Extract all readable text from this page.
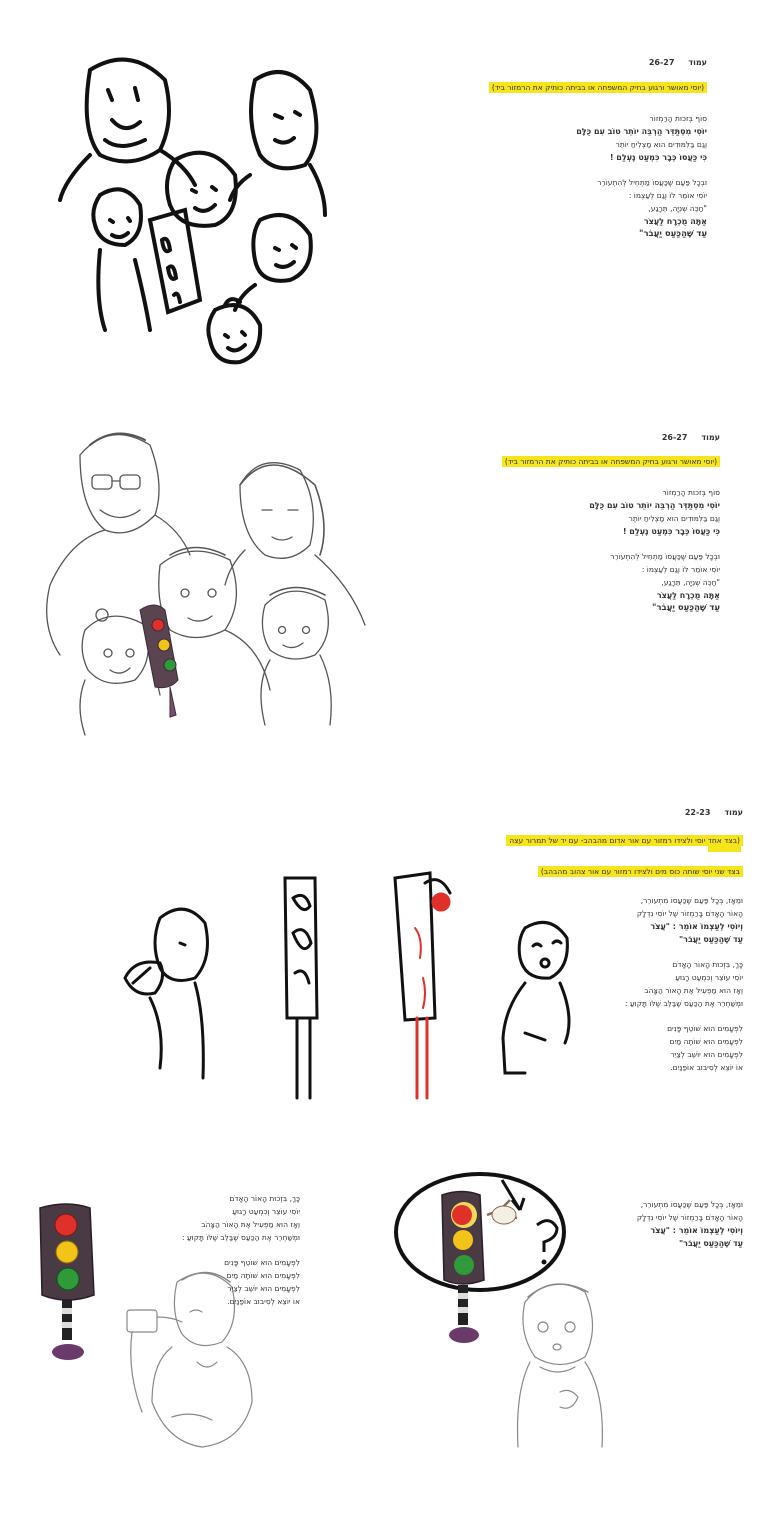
עמוד
26-27
(יוסי מאושר ורגוע בחיק המשפחה או בביתה כותיק את הרמזור ביד)
סוֹף בְּזכוּת הָרַמְזוֹר
יוֹסִי מִסְתַּדֵּר הַרְבֵּה יוֹתֵר טוֹב עִם כֻּלָּם
וְגַם בַּלִּמּוּדִים הוּא מַצְלִיחַ יוֹתֵר
כִּי כַּעֲסוֹ כְּבָר כִּמְעַט נֶעְלַם !
וּבְכָל פַּעַם שֶׁכַּעֲסוֹ מַתְחִיל לְהִתְעוֹרֵר
יוֹסִי אוֹמֵר לוֹ וְגַם לְעַצְמוֹ :
"חַכֵּה שְׁנִיָּה, תֵּרָגַע,
אַתָּה מֻכְרָח לַעֲצֹר
עַד שֶׁהַכַּעַס יַעֲבֹר"
עמוד
26-27
(יוסי מאושר ורגוע בחיק המשפחה או בביתה כותיק את הרמזור ביד)
סוֹף בְּזכוּת הָרַמְזוֹר
יוֹסִי מִסְתַּדֵּר הַרְבֵּה יוֹתֵר טוֹב עִם כֻּלָּם
וְגַם בַּלִּמּוּדִים הוּא מַצְלִיחַ יוֹתֵר
כִּי כַּעֲסוֹ כְּבָר כִּמְעַט נֶעְלַם !
וּבְכָל פַּעַם שֶׁכַּעֲסוֹ מַתְחִיל לְהִתְעוֹרֵר
יוֹסִי אוֹמֵר לוֹ וְגַם לְעַצְמוֹ :
"חַכֵּה שְׁנִיָּה, תֵּרָגַע,
אַתָּה מֻכְרָח לַעֲצֹר
עַד שֶׁהַכַּעַס יַעֲבֹר"
עמוד
22-23
(בצד אחד יוסי ולצידו רמזור עם אור אדום מהבהב- עם יד של תמרור עצה
בצד שני יוסי שותה כוס מים ולצידו רמזור עם אור צהוב מהבהב)
וּמֵאָז, בְּכָל פַּעַם שֶׁכַּעֲסוֹ מִתְעוֹרֵר,
הָאוֹר הָאָדֹם בָּרַמְזוֹר שֶׁל יוֹסִי נִדְלָק
וְיוֹסִי לְעַצְמוֹ אוֹמֵר : "עֲצֹר
עַד שֶׁהַכַּעַס יַעֲבֹר"
כָּךְ, בִּזְכוּת הָאוֹר הָאָדֹם
יוֹסִי עוֹצֵר וְכִמְעַט רָגוּעַ
וְאָז הוּא מַפְעִיל אֶת הָאוֹר הַצָּהֹב
וּמְשַׁחְרֵר אֶת הַכַּעַס שֶׁבַּלֵּב שֶׁלּוֹ תָּקוּעַ :
לִפְעָמִים הוּא שׁוֹטֵף פָּנִים
לִפְעָמִים הוּא שׁוֹתֶה מַיִם
לִפְעָמִים הוּא יוֹשֵׁב לְצַיֵּר
אוֹ יוֹצֵא לְסִיבוּב אוֹפַנַּיִם.
כָּךְ, בִּזְכוּת הָאוֹר הָאָדֹם
יוֹסִי עוֹצֵר וְכִמְעַט רָגוּעַ
וְאָז הוּא מַפְעִיל אֶת הָאוֹר הַצָּהֹב
וּמְשַׁחְרֵר אֶת הַכַּעַס שֶׁבַּלֵּב שֶׁלּוֹ תָּקוּעַ :
לִפְעָמִים הוּא שׁוֹטֵף פָּנִים
לִפְעָמִים הוּא שׁוֹתֶה מַיִם
לִפְעָמִים הוּא יוֹשֵׁב לְצַיֵּר
אוֹ יוֹצֵא לְסִיבוּב אוֹפַנַּיִם.
וּמֵאָז, בְּכָל פַּעַם שֶׁכַּעֲסוֹ מִתְעוֹרֵר,
הָאוֹר הָאָדֹם בָּרַמְזוֹר שֶׁל יוֹסִי נִדְלָק
וְיוֹסִי לְעַצְמוֹ אוֹמֵר : "עֲצֹר
עַד שֶׁהַכַּעַס יַעֲבֹר"
